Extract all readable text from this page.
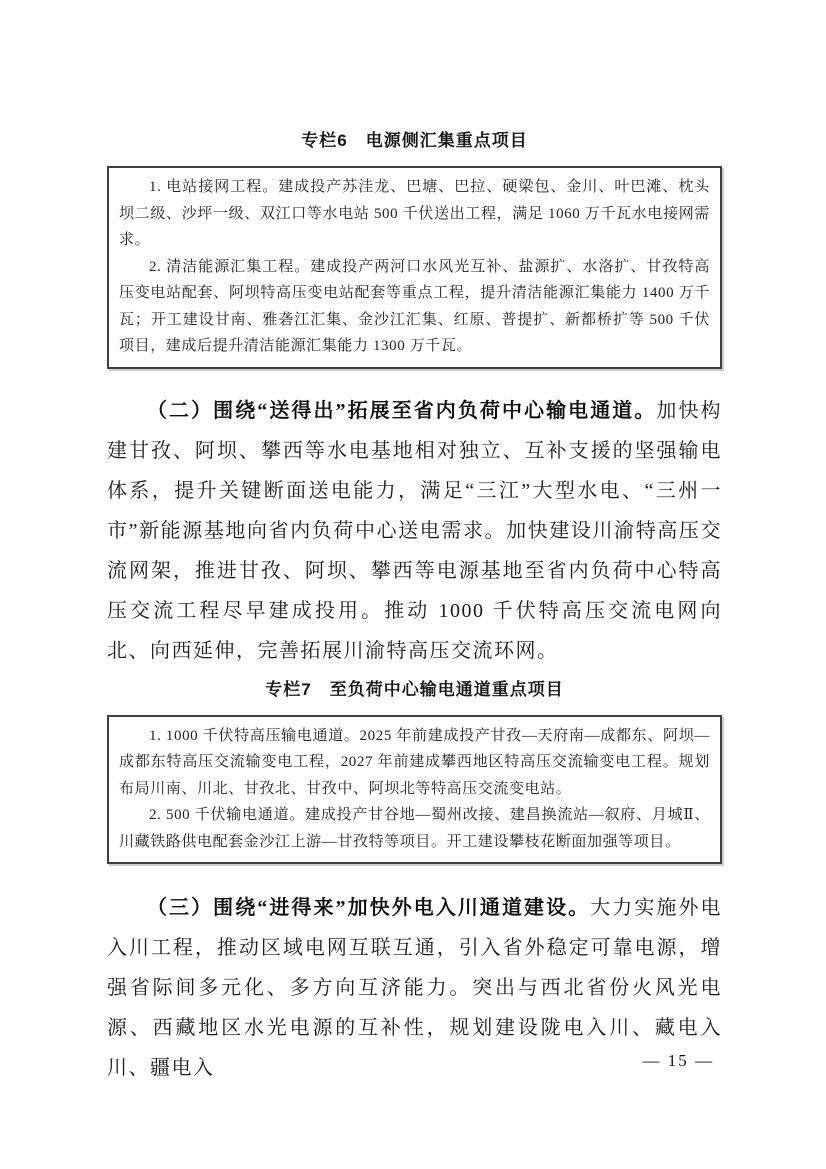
专栏6　电源侧汇集重点项目

1. 电站接网工程。建成投产苏洼龙、巴塘、巴拉、硬梁包、金川、叶巴滩、枕头坝二级、沙坪一级、双江口等水电站 500 千伏送出工程，满足 1060 万千瓦水电接网需求。

2. 清洁能源汇集工程。建成投产两河口水风光互补、盐源扩、水洛扩、甘孜特高压变电站配套、阿坝特高压变电站配套等重点工程，提升清洁能源汇集能力 1400 万千瓦；开工建设甘南、雅砻江汇集、金沙江汇集、红原、普提扩、新都桥扩等 500 千伏项目，建成后提升清洁能源汇集能力 1300 万千瓦。

（二）围绕“送得出”拓展至省内负荷中心输电通道。加快构建甘孜、阿坝、攀西等水电基地相对独立、互补支援的坚强输电体系，提升关键断面送电能力，满足“三江”大型水电、“三州一市”新能源基地向省内负荷中心送电需求。加快建设川渝特高压交流网架，推进甘孜、阿坝、攀西等电源基地至省内负荷中心特高压交流工程尽早建成投用。推动 1000 千伏特高压交流电网向北、向西延伸，完善拓展川渝特高压交流环网。

专栏7　至负荷中心输电通道重点项目

1. 1000 千伏特高压输电通道。2025 年前建成投产甘孜—天府南—成都东、阿坝—成都东特高压交流输变电工程，2027 年前建成攀西地区特高压交流输变电工程。规划布局川南、川北、甘孜北、甘孜中、阿坝北等特高压交流变电站。

2. 500 千伏输电通道。建成投产甘谷地—蜀州改接、建昌换流站—叙府、月城Ⅱ、川藏铁路供电配套金沙江上游—甘孜特等项目。开工建设攀枝花断面加强等项目。

（三）围绕“进得来”加快外电入川通道建设。大力实施外电入川工程，推动区域电网互联互通，引入省外稳定可靠电源，增强省际间多元化、多方向互济能力。突出与西北省份火风光电源、西藏地区水光电源的互补性，规划建设陇电入川、藏电入川、疆电入	— 15 —
